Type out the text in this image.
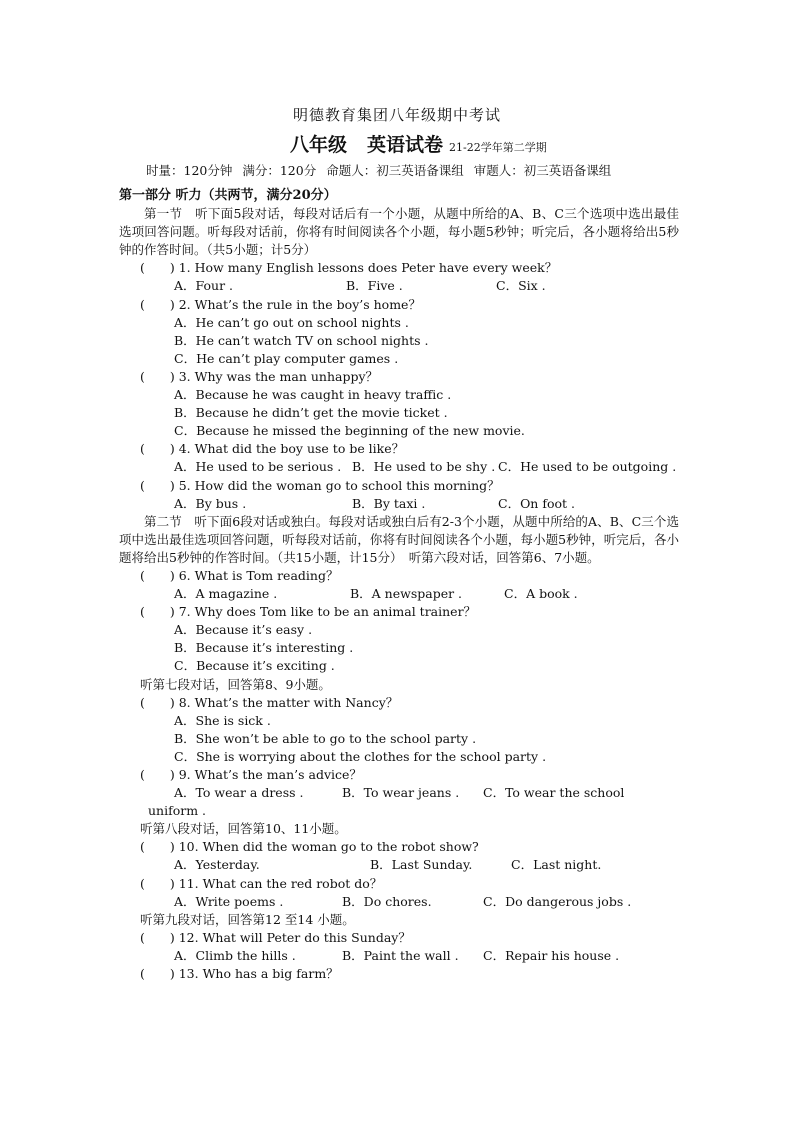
明德教育集团八年级期中考试
八年级 英语试卷 21-22学年第二学期
时量：120分钟 满分：120分 命题人：初三英语备课组 审题人：初三英语备课组

第一部分 听力（共两节，满分20分）

第一节　听下面5段对话，每段对话后有一个小题，从题中所给的A、B、C三个选项中选出最佳选项回答问题。听每段对话前，你将有时间阅读各个小题，每小题5秒钟；听完后，各小题将给出5秒钟的作答时间。（共5小题；计5分）

(　　) 1. How many English lessons does Peter have every week？

A．Four .	B．Five .	C．Six .

(　　) 2. What’s the rule in the boy’s home？

A．He can’t go out on school nights .

B．He can’t watch TV on school nights .

C．He can’t play computer games .

(　　) 3. Why was the man unhappy？

A．Because he was caught in heavy traffic .

B．Because he didn’t get the movie ticket .

C．Because he missed the beginning of the new movie.

(　　) 4. What did the boy use to be like？

A．He used to be serious . B．He used to be shy . C．He used to be outgoing .

(　　) 5. How did the woman go to school this morning？

A．By bus .	B．By taxi .	C．On foot .

第二节　听下面6段对话或独白。每段对话或独白后有2-3个小题，从题中所给的A、B、C三个选项中选出最佳选项回答问题，听每段对话前，你将有时间阅读各个小题，每小题5秒钟，听完后，各小题将给出5秒钟的作答时间。（共15小题，计15分）　听第六段对话，回答第6、7小题。

(　　) 6. What is Tom reading？

A．A magazine .	B．A newspaper .	C．A book .

(　　) 7. Why does Tom like to be an animal trainer？

A．Because it’s easy .

B．Because it’s interesting .

C．Because it’s exciting .

听第七段对话，回答第8、9小题。

(　　) 8. What’s the matter with Nancy？

A．She is sick .

B．She won’t be able to go to the school party .

C．She is worrying about the clothes for the school party .

(　　) 9. What’s the man’s advice？

A．To wear a dress .	B．To wear jeans . C．To wear the school

uniform .

听第八段对话，回答第10、11小题。

(　　) 10. When did the woman go to the robot show?

A．Yesterday.	B．Last Sunday.	C．Last night.

(　　) 11. What can the red robot do？

A．Write poems .	B．Do chores.	C．Do dangerous jobs .

听第九段对话，回答第12 至14 小题。

(　　) 12. What will Peter do this Sunday？

A．Climb the hills .	B．Paint the wall . C．Repair his house .

(　　) 13. Who has a big farm？
